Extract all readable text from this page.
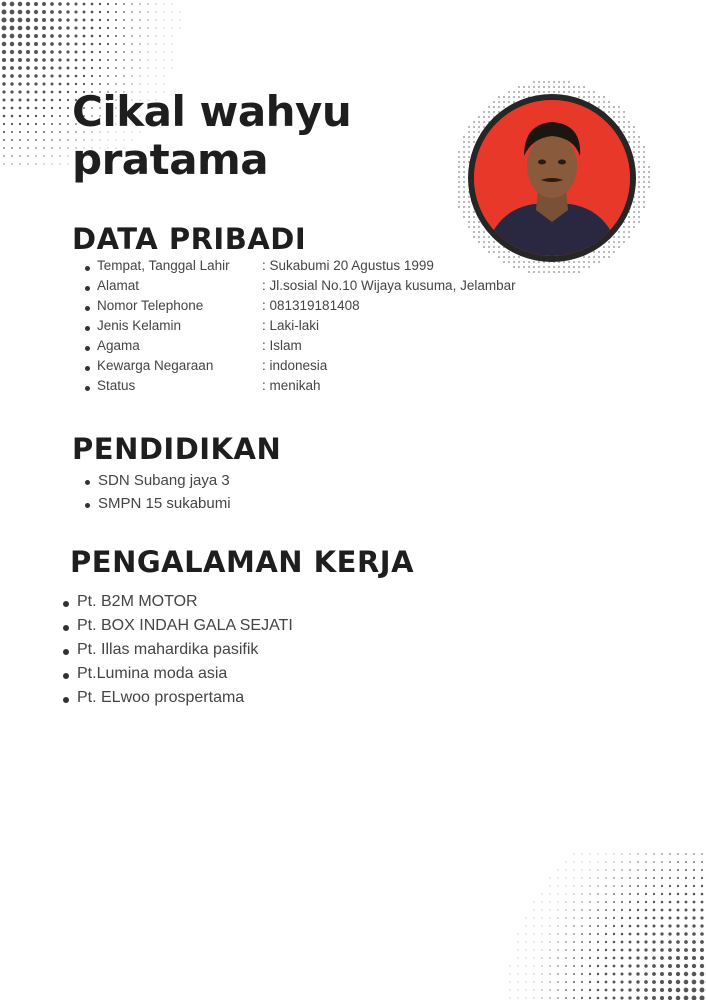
Cikal wahyu
pratama
DATA PRIBADI
Tempat, Tanggal Lahir	: Sukabumi 20 Agustus 1999
Alamat	: Jl.sosial No.10 Wijaya kusuma, Jelambar
Nomor Telephone	: 081319181408
Jenis Kelamin	: Laki-laki
Agama	: Islam
Kewarga Negaraan	: indonesia
Status	: menikah
PENDIDIKAN
SDN Subang jaya 3
SMPN 15 sukabumi
PENGALAMAN KERJA
Pt. B2M MOTOR
Pt. BOX INDAH GALA SEJATI
Pt. Illas mahardika pasifik
Pt.Lumina moda asia
Pt. ELwoo prospertama
